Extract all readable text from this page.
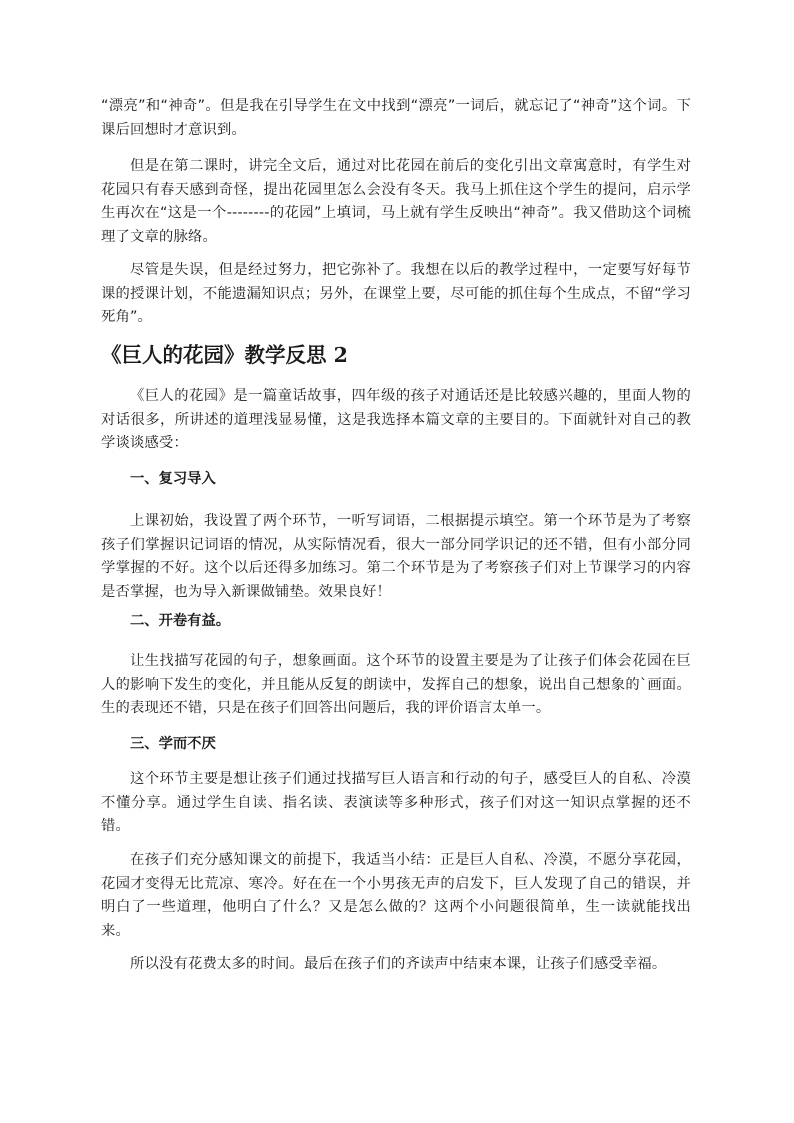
“漂亮”和“神奇”。但是我在引导学生在文中找到“漂亮”一词后，就忘记了“神奇”这个词。下课后回想时才意识到。

但是在第二课时，讲完全文后，通过对比花园在前后的变化引出文章寓意时，有学生对花园只有春天感到奇怪，提出花园里怎么会没有冬天。我马上抓住这个学生的提问，启示学生再次在“这是一个--------的花园”上填词，马上就有学生反映出“神奇”。我又借助这个词梳理了文章的脉络。

尽管是失误，但是经过努力，把它弥补了。我想在以后的教学过程中，一定要写好每节课的授课计划，不能遗漏知识点；另外，在课堂上要，尽可能的抓住每个生成点，不留“学习死角”。

《巨人的花园》教学反思 2

《巨人的花园》是一篇童话故事，四年级的孩子对通话还是比较感兴趣的，里面人物的对话很多，所讲述的道理浅显易懂，这是我选择本篇文章的主要目的。下面就针对自己的教学谈谈感受：

一、复习导入

上课初始，我设置了两个环节，一听写词语，二根据提示填空。第一个环节是为了考察孩子们掌握识记词语的情况，从实际情况看，很大一部分同学识记的还不错，但有小部分同学掌握的不好。这个以后还得多加练习。第二个环节是为了考察孩子们对上节课学习的内容是否掌握，也为导入新课做铺垫。效果良好！

二、开卷有益。

让生找描写花园的句子，想象画面。这个环节的设置主要是为了让孩子们体会花园在巨人的影响下发生的变化，并且能从反复的朗读中，发挥自己的想象，说出自己想象的`画面。生的表现还不错，只是在孩子们回答出问题后，我的评价语言太单一。

三、学而不厌

这个环节主要是想让孩子们通过找描写巨人语言和行动的句子，感受巨人的自私、冷漠不懂分享。通过学生自读、指名读、表演读等多种形式，孩子们对这一知识点掌握的还不错。

在孩子们充分感知课文的前提下，我适当小结：正是巨人自私、冷漠，不愿分享花园，花园才变得无比荒凉、寒冷。好在在一个小男孩无声的启发下，巨人发现了自己的错误，并明白了一些道理，他明白了什么？又是怎么做的？这两个小问题很简单，生一读就能找出来。

所以没有花费太多的时间。最后在孩子们的齐读声中结束本课，让孩子们感受幸福。
